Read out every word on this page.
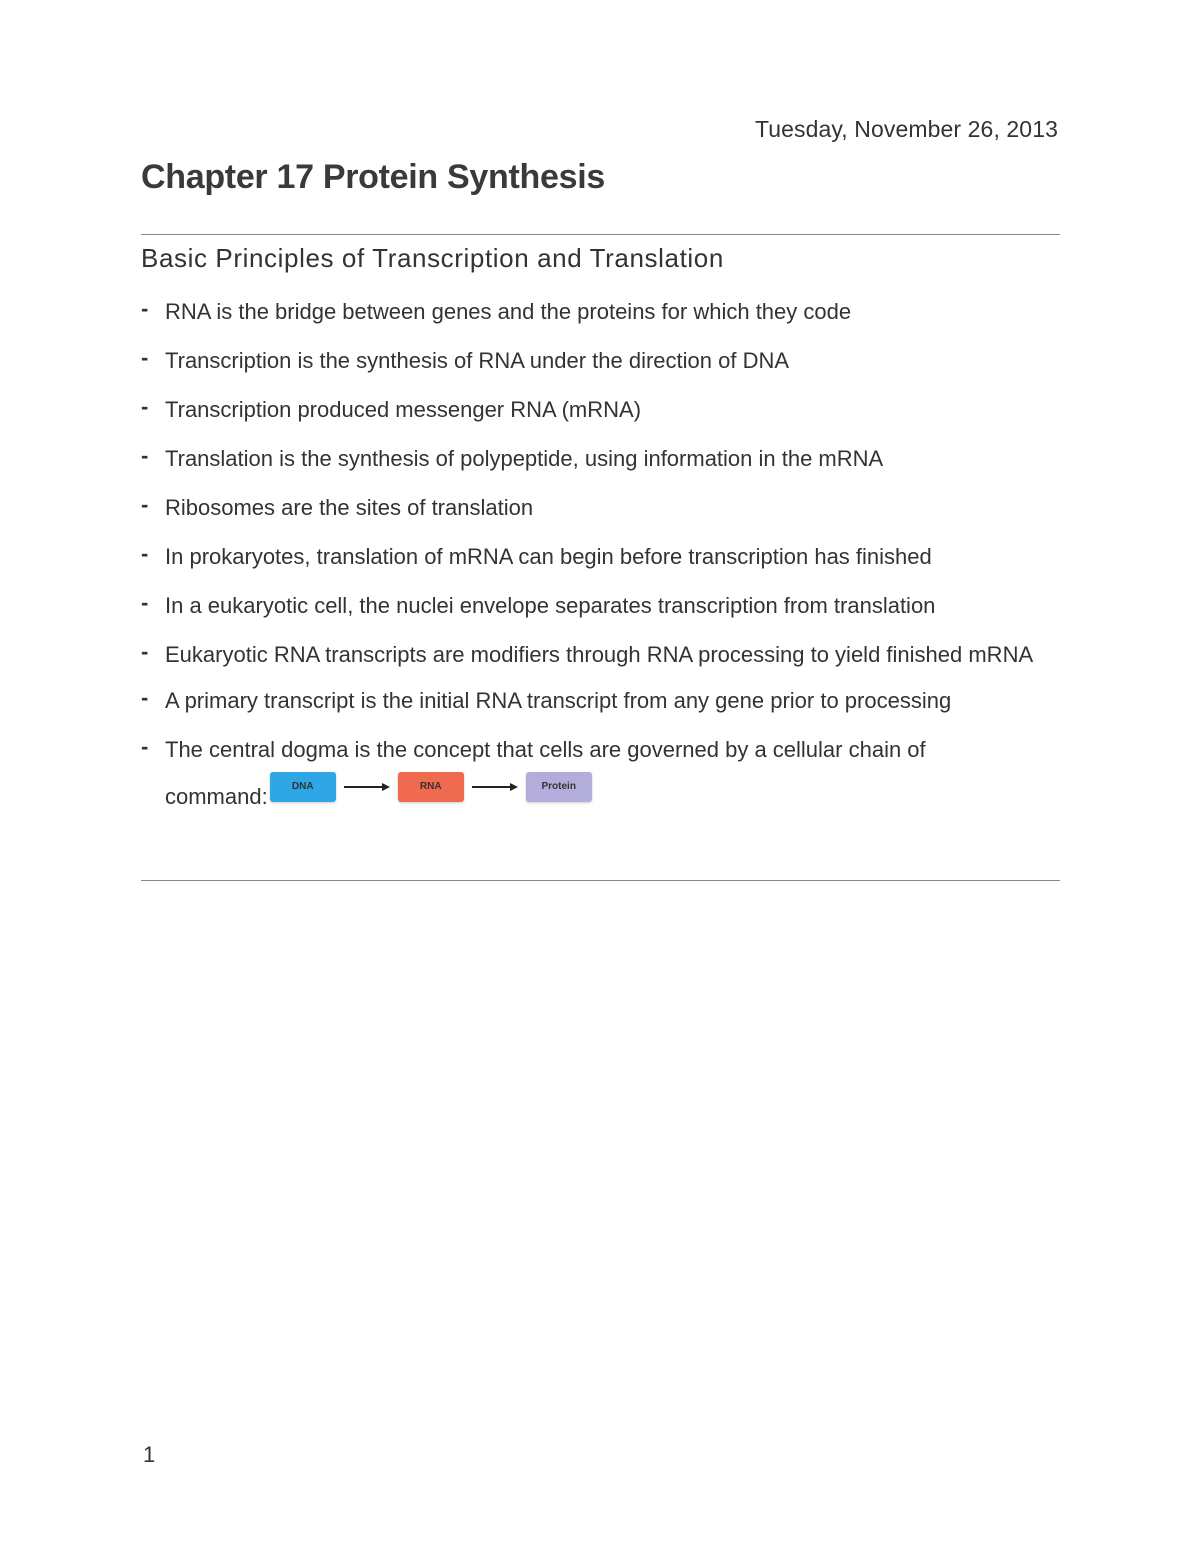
Tuesday, November 26, 2013
Chapter 17 Protein Synthesis
Basic Principles of Transcription and Translation
- RNA is the bridge between genes and the proteins for which they code
- Transcription is the synthesis of RNA under the direction of DNA
- Transcription produced messenger RNA (mRNA)
- Translation is the synthesis of polypeptide, using information in the mRNA
- Ribosomes are the sites of translation
- In prokaryotes, translation of mRNA can begin before transcription has finished
- In a eukaryotic cell, the nuclei envelope separates transcription from translation
- Eukaryotic RNA transcripts are modifiers through RNA processing to yield finished mRNA
- A primary transcript is the initial RNA transcript from any gene prior to processing
- The central dogma is the concept that cells are governed by a cellular chain of

command:	DNA	RNA	Protein
1
